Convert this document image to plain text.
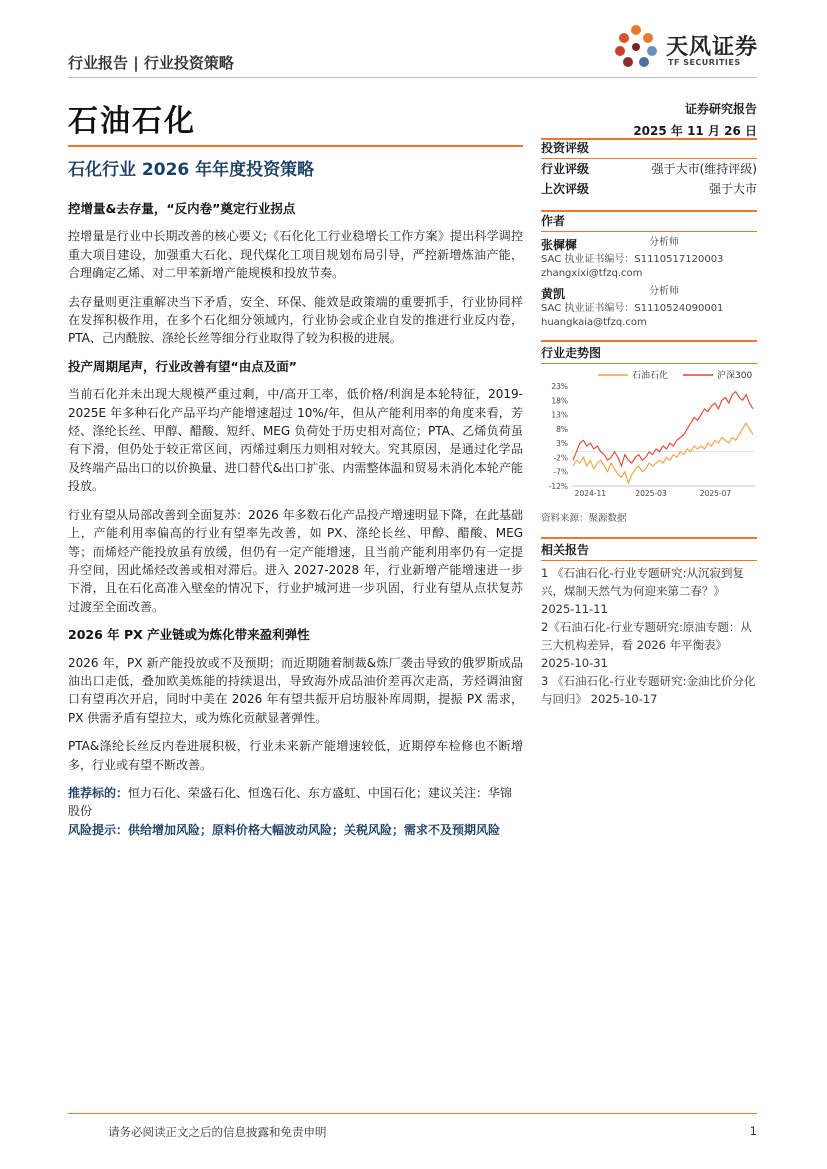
行业报告 | 行业投资策略
天风证券
TF SECURITIES
石油石化	证券研究报告
2025 年 11 月 26 日
石化行业 2026 年年度投资策略
控增量&去存量，“反内卷”奠定行业拐点

控增量是行业中长期改善的核心要义;《石化化工行业稳增长工作方案》提出科学调控重大项目建设，加强重大石化、现代煤化工项目规划布局引导，严控新增炼油产能，合理确定乙烯、对二甲苯新增产能规模和投放节奏。

去存量则更注重解决当下矛盾，安全、环保、能效是政策端的重要抓手，行业协同样在发挥积极作用，在多个石化细分领域内，行业协会或企业自发的推进行业反内卷，PTA、己内酰胺、涤纶长丝等细分行业取得了较为积极的进展。

投产周期尾声，行业改善有望“由点及面”

当前石化并未出现大规模严重过剩，中/高开工率，低价格/利润是本轮特征，2019-2025E 年多种石化产品平均产能增速超过 10%/年，但从产能利用率的角度来看，芳烃、涤纶长丝、甲醇、醋酸、短纤、MEG 负荷处于历史相对高位；PTA、乙烯负荷虽有下滑，但仍处于较正常区间，丙烯过剩压力则相对较大。究其原因，是通过化学品及终端产品出口的以价换量、进口替代&出口扩张、内需整体温和贸易未消化本轮产能投放。

行业有望从局部改善到全面复苏：2026 年多数石化产品投产增速明显下降，在此基础上，产能利用率偏高的行业有望率先改善，如 PX、涤纶长丝、甲醇、醋酸、MEG 等；而烯烃产能投放虽有放缓，但仍有一定产能增速，且当前产能利用率仍有一定提升空间，因此烯烃改善或相对滞后。进入 2027-2028 年，行业新增产能增速进一步下滑，且在石化高准入壁垒的情况下，行业护城河进一步巩固，行业有望从点状复苏过渡至全面改善。

2026 年 PX 产业链或为炼化带来盈利弹性

2026 年，PX 新产能投放或不及预期；而近期随着制裁&炼厂袭击导致的俄罗斯成品油出口走低，叠加欧美炼能的持续退出，导致海外成品油价差再次走高，芳烃调油窗口有望再次开启，同时中美在 2026 年有望共振开启坊服补库周期，提振 PX 需求，PX 供需矛盾有望拉大，或为炼化贡献显著弹性。

PTA&涤纶长丝反内卷进展积极，行业未来新产能增速较低，近期停车检修也不断增多，行业或有望不断改善。

推荐标的：恒力石化、荣盛石化、恒逸石化、东方盛虹、中国石化；建议关注：华锦股份
风险提示：供给增加风险；原料价格大幅波动风险；关税风险；需求不及预期风险
投资评级
行业评级	强于大市(维持评级)
上次评级	强于大市
作者
张樨樨	分析师
SAC 执业证书编号：S1110517120003
zhangxixi@tfzq.com
黄凯	分析师
SAC 执业证书编号：S1110524090001
huangkaia@tfzq.com
行业走势图
石油石化	沪深300
23%
18%
13%
8%
3%
-2%
-7%
-12%
2024-11	2025-03	2025-07
资料来源：聚源数据
相关报告
1 《石油石化-行业专题研究:从沉寂到复兴，煤制天然气为何迎来第二春？》
2025-11-11
2《石油石化-行业专题研究:原油专题：从三大机构差异，看 2026 年平衡表》
2025-10-31
3 《石油石化-行业专题研究:金油比价分化与回归》 2025-10-17
请务必阅读正文之后的信息披露和免责申明	1
